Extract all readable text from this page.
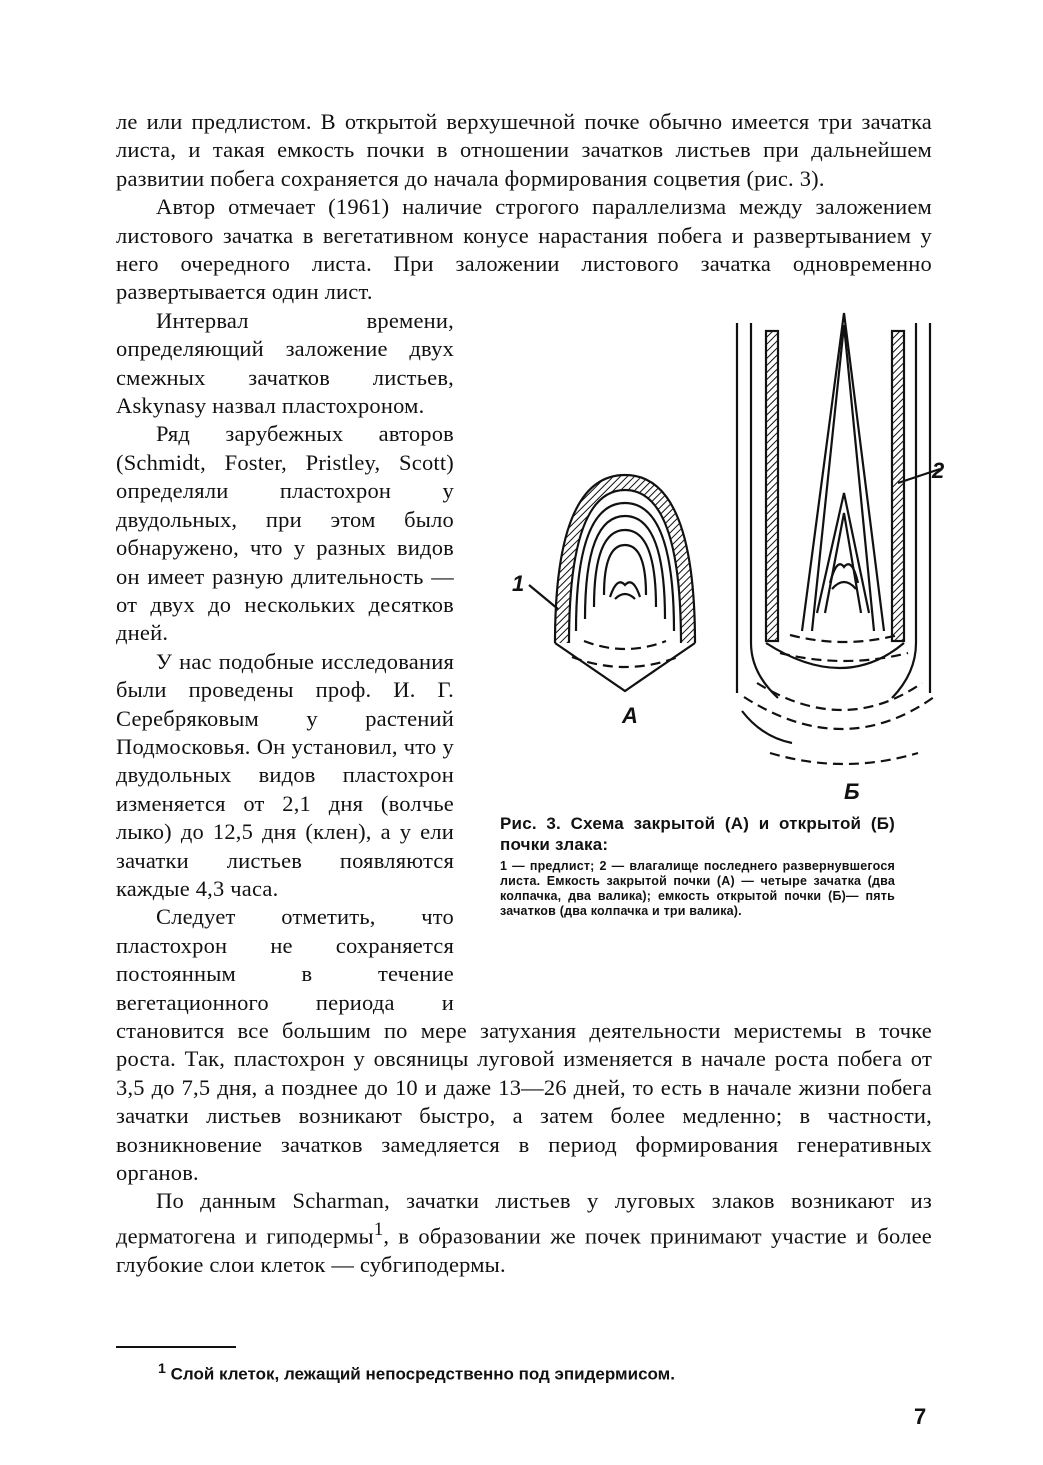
ле или предлистом. В открытой верхушечной почке обычно имеется три зачатка листа, и такая емкость почки в отношении зачатков листьев при дальнейшем развитии побега сохраняется до начала формирования соцветия (рис. 3).

Автор отмечает (1961) наличие строгого параллелизма между заложением листового зачатка в вегетативном конусе нарастания побега и развертыванием у него очередного листа. При заложении листового зачатка одновременно развертывается один лист.

1
А
2
Б
Рис. 3. Схема закрытой (А) и открытой (Б) почки злака:
1 — предлист; 2 — влагалище последнего развернувшегося листа. Емкость закрытой почки (А) — четыре зачатка (два колпачка, два валика); емкость открытой почки (Б)— пять зачатков (два колпачка и три валика).

Интервал времени, определяющий заложение двух смежных зачатков листьев, Askynasy назвал пластохроном.

Ряд зарубежных авторов (Schmidt, Foster, Pristley, Scott) определяли пластохрон у двудольных, при этом было обнаружено, что у разных видов он имеет разную длительность — от двух до нескольких десятков дней.

У нас подобные исследования были проведены проф. И. Г. Серебряковым у растений Подмосковья. Он установил, что у двудольных видов пластохрон изменяется от 2,1 дня (волчье лыко) до 12,5 дня (клен), а у ели зачатки листьев появляются каждые 4,3 часа.

Следует отметить, что пластохрон не сохраняется постоянным в течение вегетационного периода и становится все большим по мере затухания деятельности меристемы в точке роста. Так, пластохрон у овсяницы луговой изменяется в начале роста побега от 3,5 до 7,5 дня, а позднее до 10 и даже 13—26 дней, то есть в начале жизни побега зачатки листьев возникают быстро, а затем более медленно; в частности, возникновение зачатков замедляется в период формирования генеративных органов.

По данным Scharman, зачатки листьев у луговых злаков возникают из дерматогена и гиподермы$^1$, в образовании же почек принимают участие и более глубокие слои клеток — субгиподермы.

$^1$ Слой клеток, лежащий непосредственно под эпидермисом.
7
